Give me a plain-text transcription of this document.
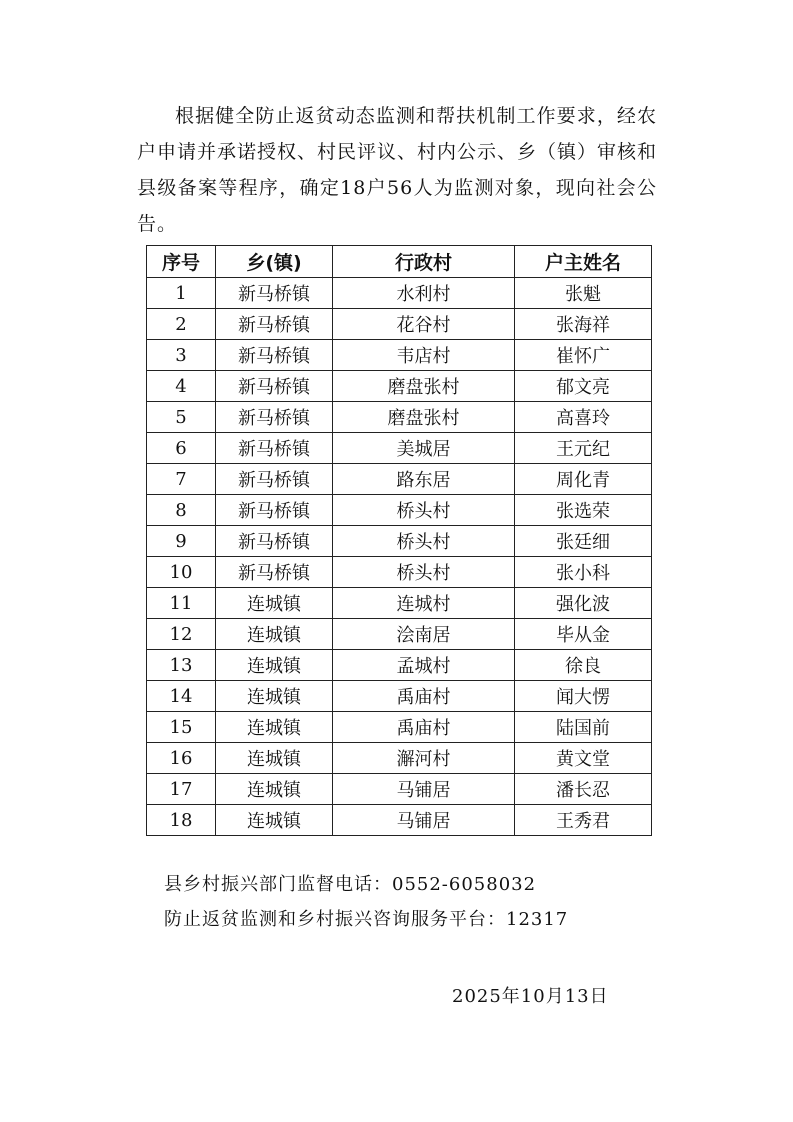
根据健全防止返贫动态监测和帮扶机制工作要求，经农户申请并承诺授权、村民评议、村内公示、乡（镇）审核和县级备案等程序，确定18户56人为监测对象，现向社会公告。

序号	乡(镇)	行政村	户主姓名
1	新马桥镇	水利村	张魁
2	新马桥镇	花谷村	张海祥
3	新马桥镇	韦店村	崔怀广
4	新马桥镇	磨盘张村	郁文亮
5	新马桥镇	磨盘张村	高喜玲
6	新马桥镇	美城居	王元纪
7	新马桥镇	路东居	周化青
8	新马桥镇	桥头村	张选荣
9	新马桥镇	桥头村	张廷细
10	新马桥镇	桥头村	张小科
11	连城镇	连城村	强化波
12	连城镇	浍南居	毕从金
13	连城镇	孟城村	徐良
14	连城镇	禹庙村	闻大愣
15	连城镇	禹庙村	陆国前
16	连城镇	澥河村	黄文堂
17	连城镇	马铺居	潘长忍
18	连城镇	马铺居	王秀君

县乡村振兴部门监督电话：0552-6058032

防止返贫监测和乡村振兴咨询服务平台：12317

2025年10月13日
